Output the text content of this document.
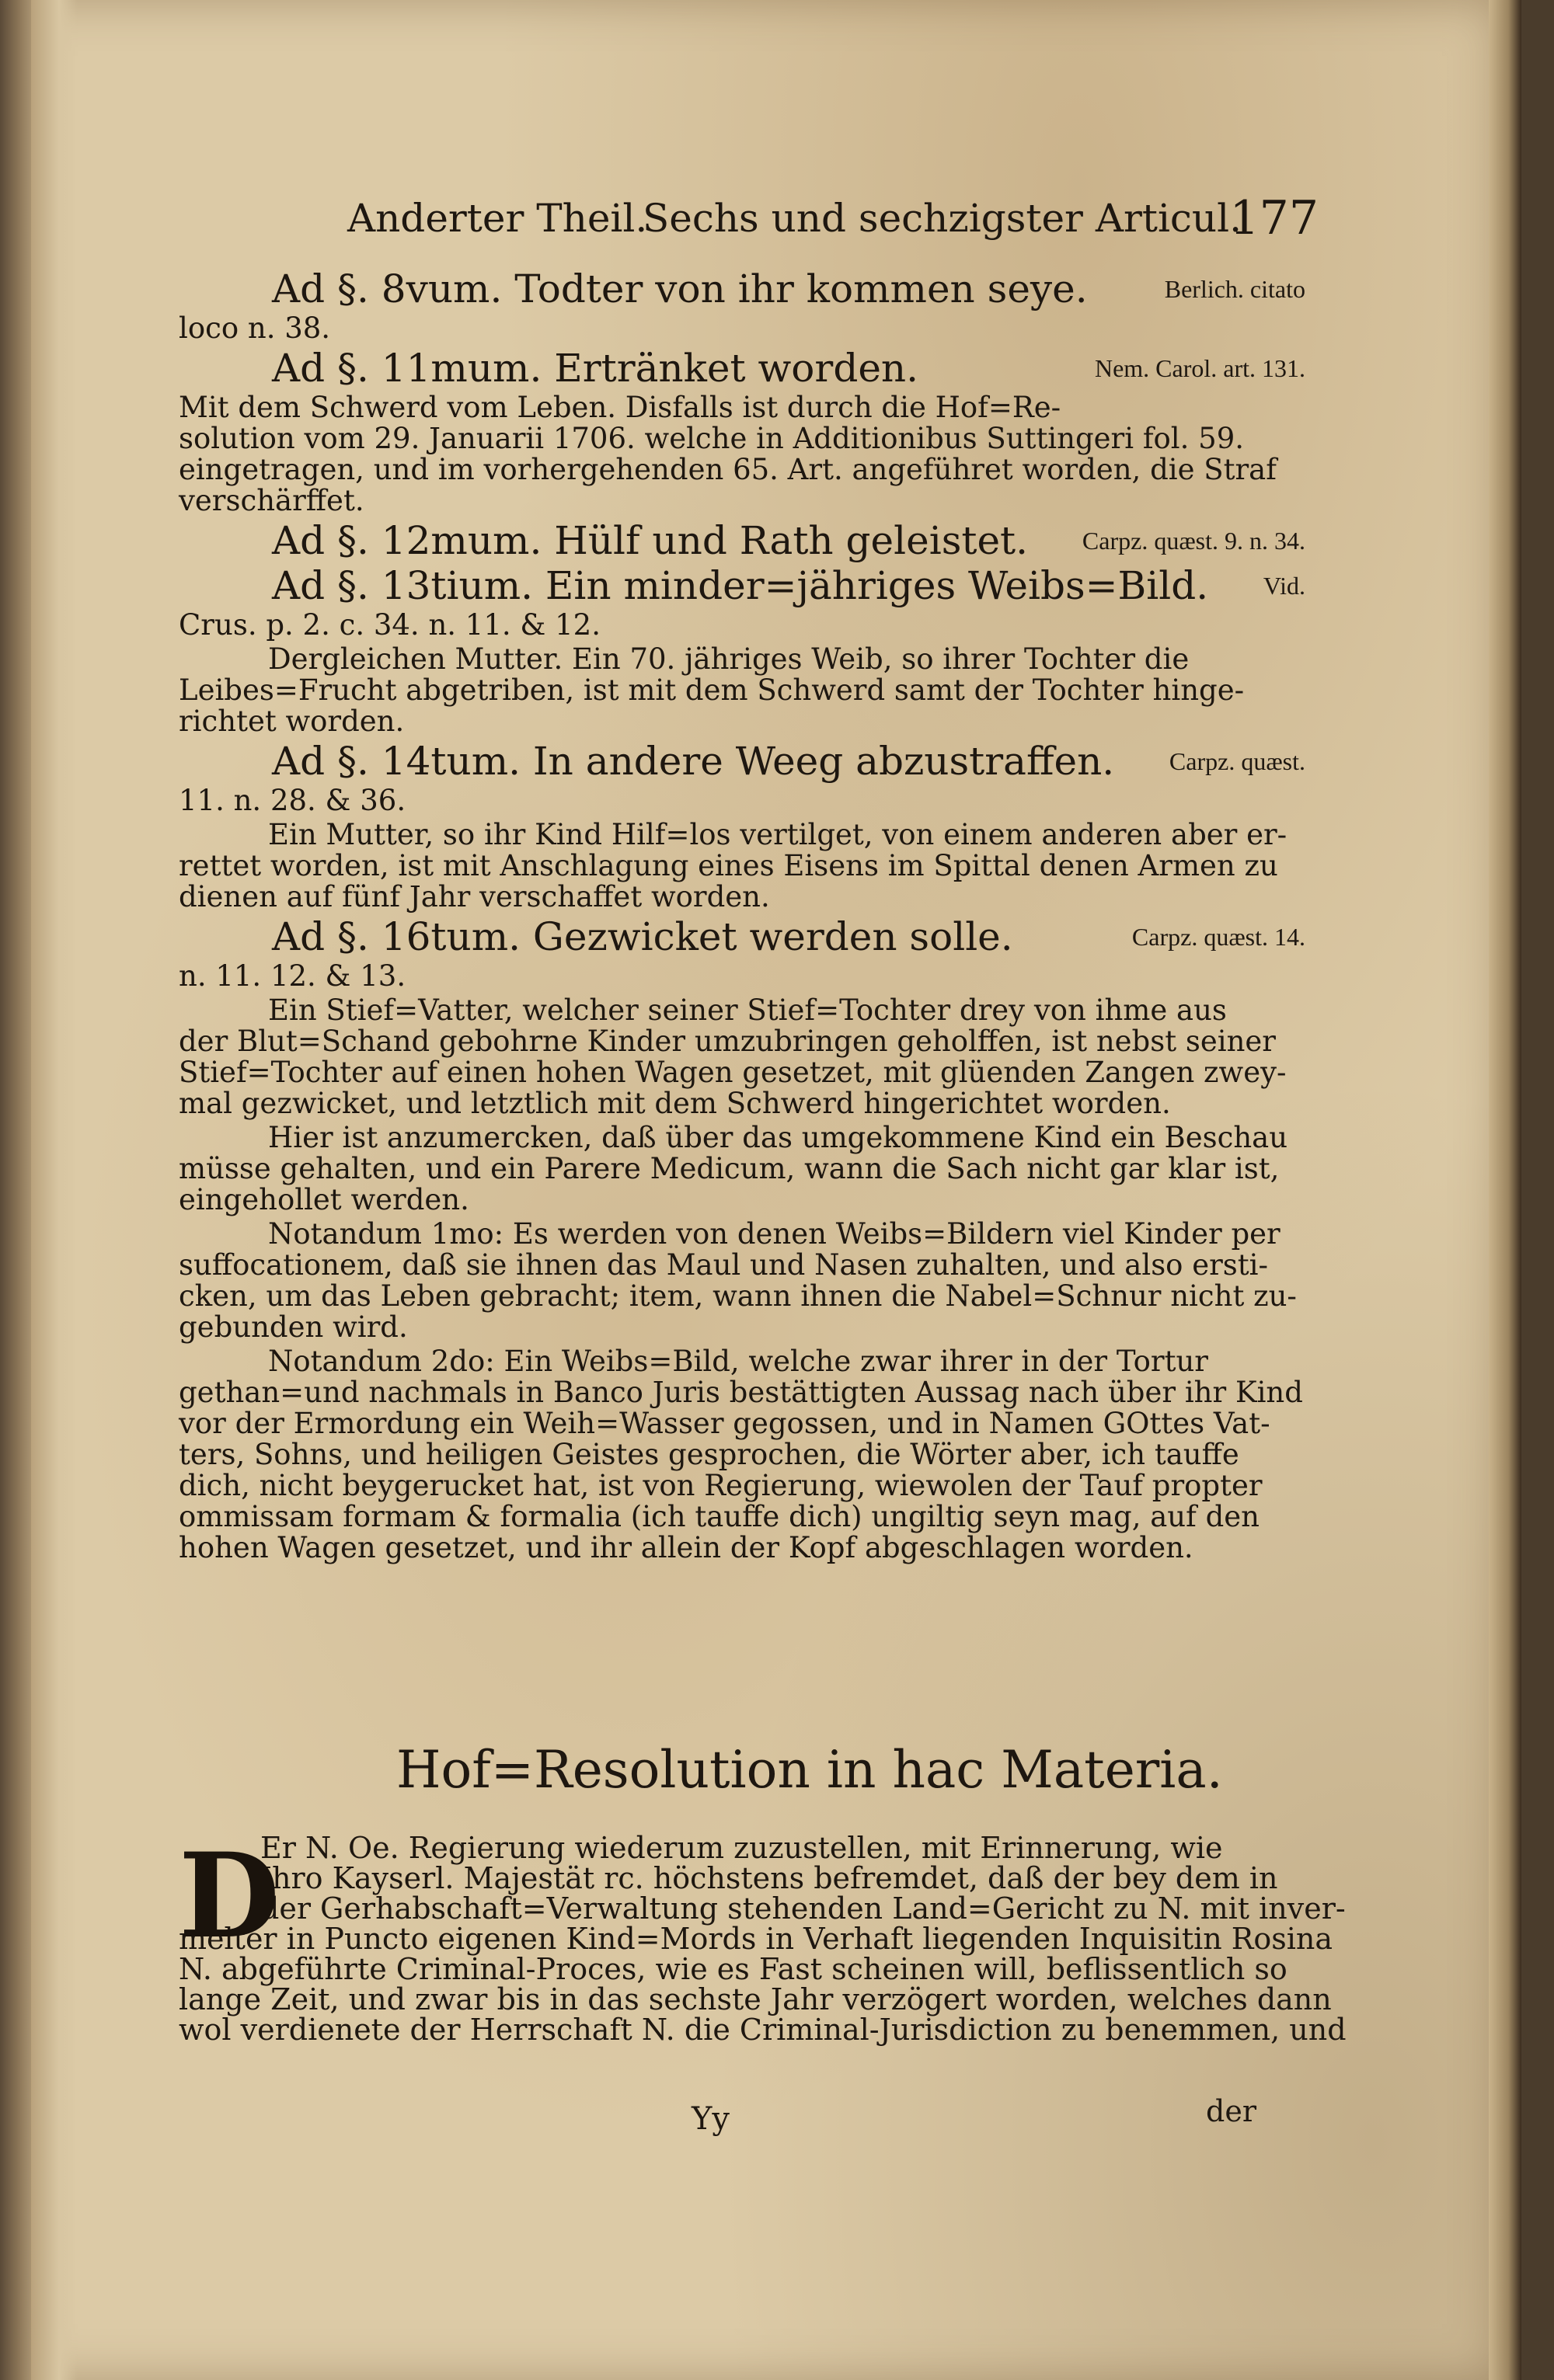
Anderter Theil.
Sechs und sechzigster Articul.
177
Ad §. 8vum. Todter von ihr kommen seye.	Berlich. citato
loco n. 38.
Ad §. 11mum. Ertränket worden.	Nem. Carol. art. 131.
Mit dem Schwerd vom Leben. Disfalls ist durch die Hof=Re-
solution vom 29. Januarii 1706. welche in Additionibus Suttingeri fol. 59.
eingetragen, und im vorhergehenden 65. Art. angeführet worden, die Straf
verschärffet.
Ad §. 12mum. Hülf und Rath geleistet. Carpz. quæst. 9. n. 34.
Ad §. 13tium. Ein minder=jähriges Weibs=Bild. Vid.
Crus. p. 2. c. 34. n. 11. & 12.
Dergleichen Mutter. Ein 70. jähriges Weib, so ihrer Tochter die
Leibes=Frucht abgetriben, ist mit dem Schwerd samt der Tochter hinge-
richtet worden.
Ad §. 14tum. In andere Weeg abzustraffen. Carpz. quæst.
11. n. 28. & 36.
Ein Mutter, so ihr Kind Hilf=los vertilget, von einem anderen aber er-
rettet worden, ist mit Anschlagung eines Eisens im Spittal denen Armen zu
dienen auf fünf Jahr verschaffet worden.
Ad §. 16tum. Gezwicket werden solle.	Carpz. quæst. 14.
n. 11. 12. & 13.
Ein Stief=Vatter, welcher seiner Stief=Tochter drey von ihme aus
der Blut=Schand gebohrne Kinder umzubringen geholffen, ist nebst seiner
Stief=Tochter auf einen hohen Wagen gesetzet, mit glüenden Zangen zwey-
mal gezwicket, und letztlich mit dem Schwerd hingerichtet worden.
Hier ist anzumercken, daß über das umgekommene Kind ein Beschau
müsse gehalten, und ein Parere Medicum, wann die Sach nicht gar klar ist,
eingehollet werden.
Notandum 1mo: Es werden von denen Weibs=Bildern viel Kinder per
suffocationem, daß sie ihnen das Maul und Nasen zuhalten, und also ersti-
cken, um das Leben gebracht; item, wann ihnen die Nabel=Schnur nicht zu-
gebunden wird.
Notandum 2do: Ein Weibs=Bild, welche zwar ihrer in der Tortur
gethan=und nachmals in Banco Juris bestättigten Aussag nach über ihr Kind
vor der Ermordung ein Weih=Wasser gegossen, und in Namen GOttes Vat-
ters, Sohns, und heiligen Geistes gesprochen, die Wörter aber, ich tauffe
dich, nicht beygerucket hat, ist von Regierung, wiewolen der Tauf propter
ommissam formam & formalia (ich tauffe dich) ungiltig seyn mag, auf den
hohen Wagen gesetzet, und ihr allein der Kopf abgeschlagen worden.
Hof=Resolution in hac Materia.
D
Er N. Oe. Regierung wiederum zuzustellen, mit Erinnerung, wie
Ihro Kayserl. Majestät rc. höchstens befremdet, daß der bey dem in
der Gerhabschaft=Verwaltung stehenden Land=Gericht zu N. mit inver-
melter in Puncto eigenen Kind=Mords in Verhaft liegenden Inquisitin Rosina
N. abgeführte Criminal-Proces, wie es Fast scheinen will, beflissentlich so
lange Zeit, und zwar bis in das sechste Jahr verzögert worden, welches dann
wol verdienete der Herrschaft N. die Criminal-Jurisdiction zu benemmen, und
Yy	der
